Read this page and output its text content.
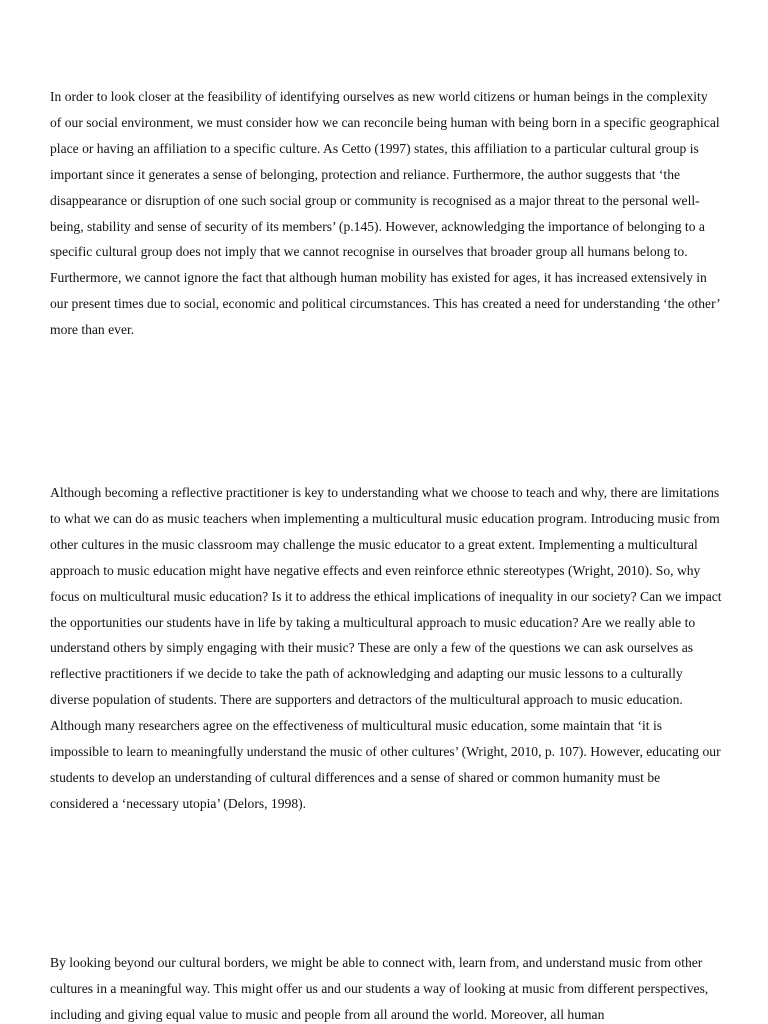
In order to look closer at the feasibility of identifying ourselves as new world citizens or human beings in the complexity of our social environment, we must consider how we can reconcile being human with being born in a specific geographical place or having an affiliation to a specific culture. As Cetto (1997) states, this affiliation to a particular cultural group is important since it generates a sense of belonging, protection and reliance. Furthermore, the author suggests that ‘the disappearance or disruption of one such social group or community is recognised as a major threat to the personal well-being, stability and sense of security of its members’ (p.145). However, acknowledging the importance of belonging to a specific cultural group does not imply that we cannot recognise in ourselves that broader group all humans belong to. Furthermore, we cannot ignore the fact that although human mobility has existed for ages, it has increased extensively in our present times due to social, economic and political circumstances. This has created a need for understanding ‘the other’ more than ever.

Although becoming a reflective practitioner is key to understanding what we choose to teach and why, there are limitations to what we can do as music teachers when implementing a multicultural music education program. Introducing music from other cultures in the music classroom may challenge the music educator to a great extent. Implementing a multicultural approach to music education might have negative effects and even reinforce ethnic stereotypes (Wright, 2010). So, why focus on multicultural music education? Is it to address the ethical implications of inequality in our society? Can we impact the opportunities our students have in life by taking a multicultural approach to music education? Are we really able to understand others by simply engaging with their music? These are only a few of the questions we can ask ourselves as reflective practitioners if we decide to take the path of acknowledging and adapting our music lessons to a culturally diverse population of students. There are supporters and detractors of the multicultural approach to music education. Although many researchers agree on the effectiveness of multicultural music education, some maintain that ‘it is impossible to learn to meaningfully understand the music of other cultures’ (Wright, 2010, p. 107). However, educating our students to develop an understanding of cultural differences and a sense of shared or common humanity must be considered a ‘necessary utopia’ (Delors, 1998).

By looking beyond our cultural borders, we might be able to connect with, learn from, and understand music from other cultures in a meaningful way. This might offer us and our students a way of looking at music from different perspectives, including and giving equal value to music and people from all around the world. Moreover, all human
